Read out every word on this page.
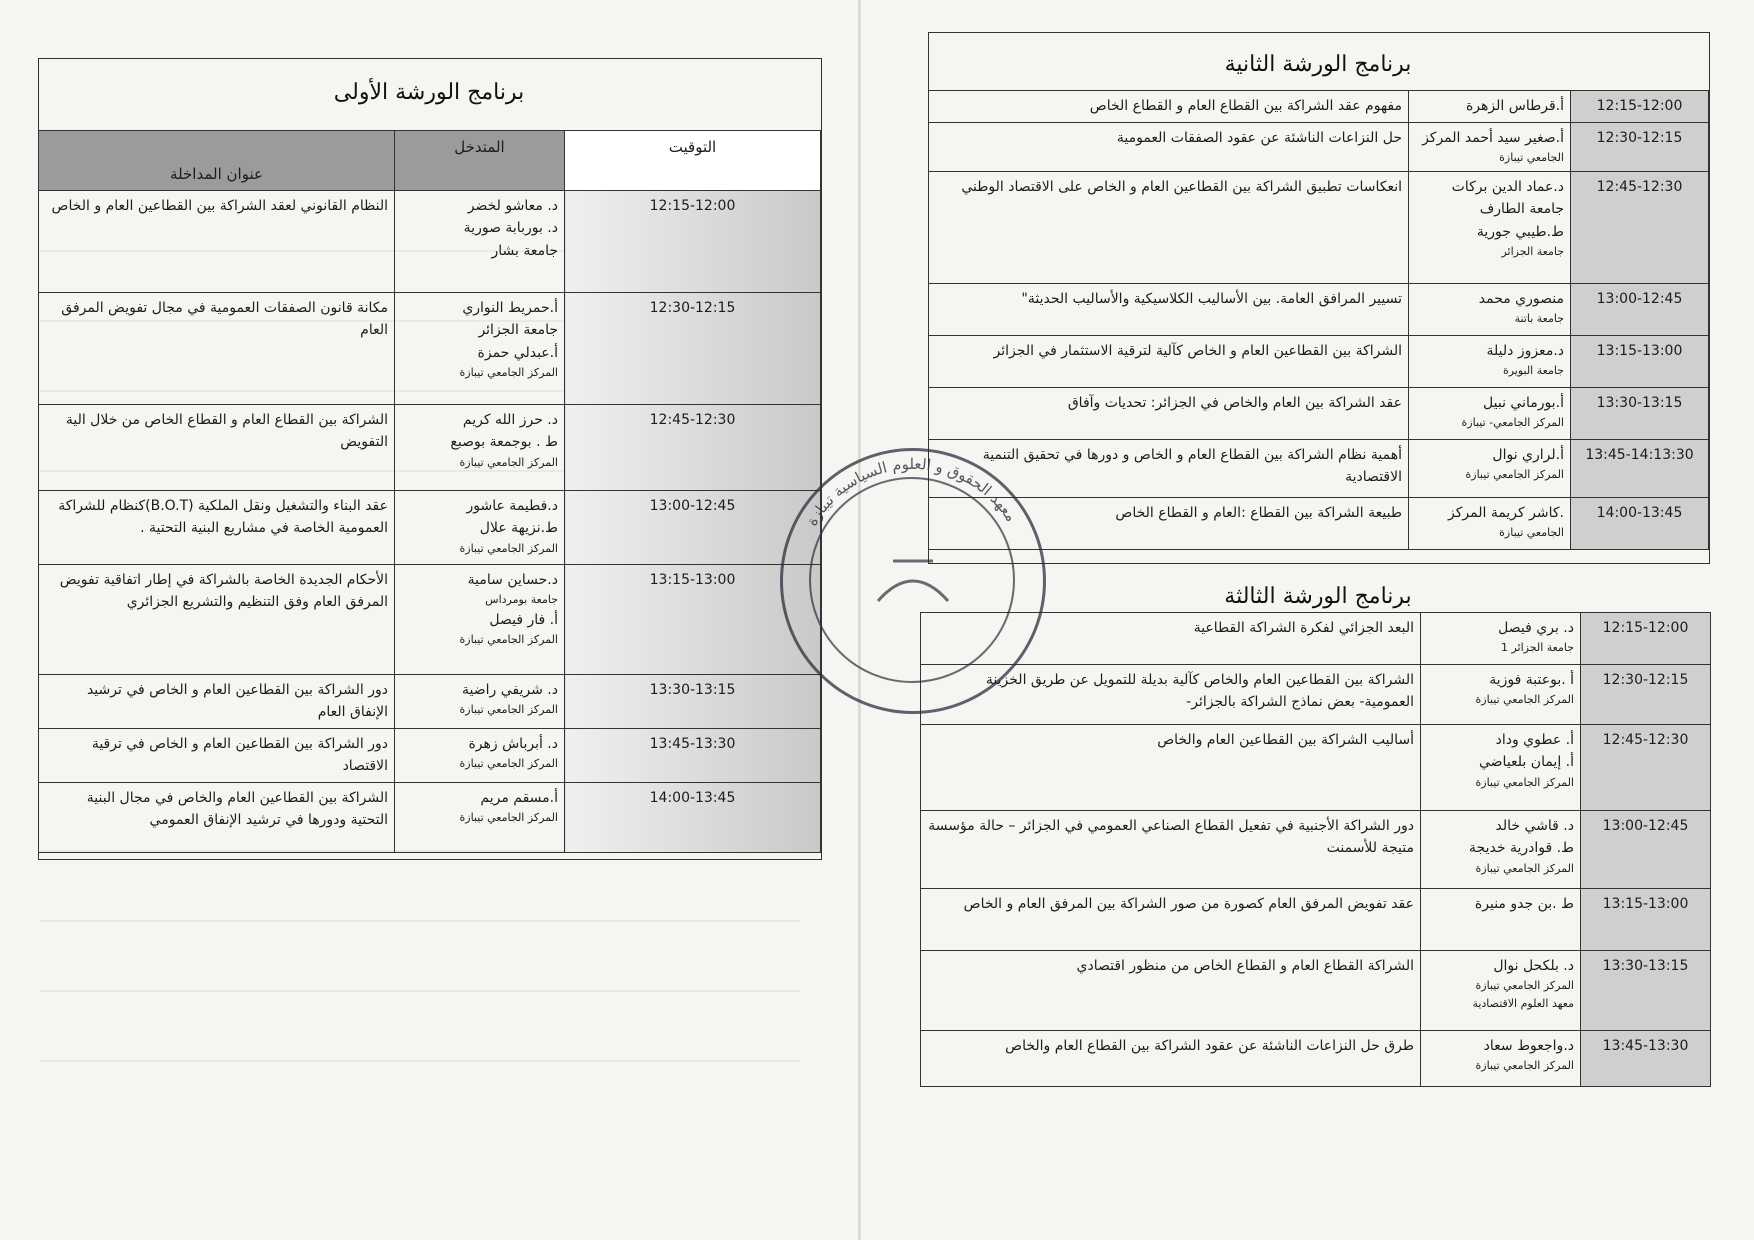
برنامج الورشة الأولى
عنوان المداخلة	المتدخل	التوقيت
النظام القانوني لعقد الشراكة بين القطاعين العام و الخاص	د. معاشو لخضر
د. بوربابة صورية
جامعة بشار	12:15-12:00
مكانة قانون الصفقات العمومية في مجال تفويض المرفق العام	أ.حمريط النواري
جامعة الجزائر
أ.عبدلي حمزة
المركز الجامعي تيبازة	12:30-12:15
الشراكة بين القطاع العام و القطاع الخاص من خلال الية التفويض	د. حرز الله كريم
ط . بوجمعة بوصبع
المركز الجامعي تيبازة	12:45-12:30
عقد البناء والتشغيل ونقل الملكية (B.O.T)كنظام للشراكة العمومية الخاصة في مشاريع البنية التحتية .	د.فطيمة عاشور
ط.نزيهة علال
المركز الجامعي تيبازة	13:00-12:45
الأحكام الجديدة الخاصة بالشراكة في إطار اتفاقية تفويض المرفق العام وفق التنظيم والتشريع الجزائري	د.حساين سامية
جامعة بومرداس
أ. فار فيصل
المركز الجامعي تيبازة	13:15-13:00
دور الشراكة بين القطاعين العام و الخاص في ترشيد الإنفاق العام	د. شريفي راضية
المركز الجامعي تيبازة	13:30-13:15
دور الشراكة بين القطاعين العام و الخاص في ترقية الاقتصاد	د. أبرباش زهرة
المركز الجامعي تيبازة	13:45-13:30
الشراكة بين القطاعين العام والخاص في مجال البنية التحتية ودورها في ترشيد الإنفاق العمومي	أ.مسقم مريم
المركز الجامعي تيبازة	14:00-13:45
برنامج الورشة الثانية
مفهوم عقد الشراكة بين القطاع العام و القطاع الخاص	أ.قرطاس الزهرة	12:15-12:00
حل النزاعات الناشئة عن عقود الصفقات العمومية	أ.صغير سيد أحمد المركز
الجامعي تيبازة	12:30-12:15
انعكاسات تطبيق الشراكة بين القطاعين العام و الخاص على الاقتصاد الوطني	د.عماد الدين بركات
جامعة الطارف
ط.طيبي جورية
جامعة الجزائر	12:45-12:30
تسيير المرافق العامة. بين الأساليب الكلاسيكية والأساليب الحديثة"	منصوري محمد
جامعة باتنة	13:00-12:45
الشراكة بين القطاعين العام و الخاص كآلية لترقية الاستثمار في الجزائر	د.معزوز دليلة
جامعة البويرة	13:15-13:00
عقد الشراكة بين العام والخاص في الجزائر: تحديات وآفاق	أ.بورماني نبيل
المركز الجامعي- تيبازة	13:30-13:15
أهمية نظام الشراكة بين القطاع العام و الخاص و دورها في تحقيق التنمية الاقتصادية	أ.لراري نوال
المركز الجامعي تيبازة	13:45-14:13:30
طبيعة الشراكة بين القطاع :العام و القطاع الخاص	.كاشر كريمة المركز
الجامعي تيبازة	14:00-13:45
برنامج الورشة الثالثة
البعد الجزائي لفكرة الشراكة القطاعية	د. بري فيصل
جامعة الجزائر 1	12:15-12:00
الشراكة بين القطاعين العام والخاص كآلية بديلة للتمويل عن طريق الخزينة العمومية- بعض نماذج الشراكة بالجزائر-	أ .بوعتبة فوزية
المركز الجامعي تيبازة	12:30-12:15
أساليب الشراكة بين القطاعين العام والخاص	أ. عطوي وداد
أ. إيمان بلعياضي
المركز الجامعي تيبازة	12:45-12:30
دور الشراكة الأجنبية في تفعيل القطاع الصناعي العمومي في الجزائر – حالة مؤسسة متيجة للأسمنت	د. قاشي خالد
ط. قوادرية خديجة
المركز الجامعي تيبازة	13:00-12:45
عقد تفويض المرفق العام كصورة من صور الشراكة بين المرفق العام و الخاص	ط .بن جدو منيرة	13:15-13:00
الشراكة القطاع العام و القطاع الخاص من منظور اقتصادي	د. بلكحل نوال
المركز الجامعي تيبازة
معهد العلوم الاقتصادية	13:30-13:15
طرق حل النزاعات الناشئة عن عقود الشراكة بين القطاع العام والخاص	د.واجعوط سعاد
المركز الجامعي تيبازة	13:45-13:30
معهد الحقوق و العلوم السياسية تيبازة
